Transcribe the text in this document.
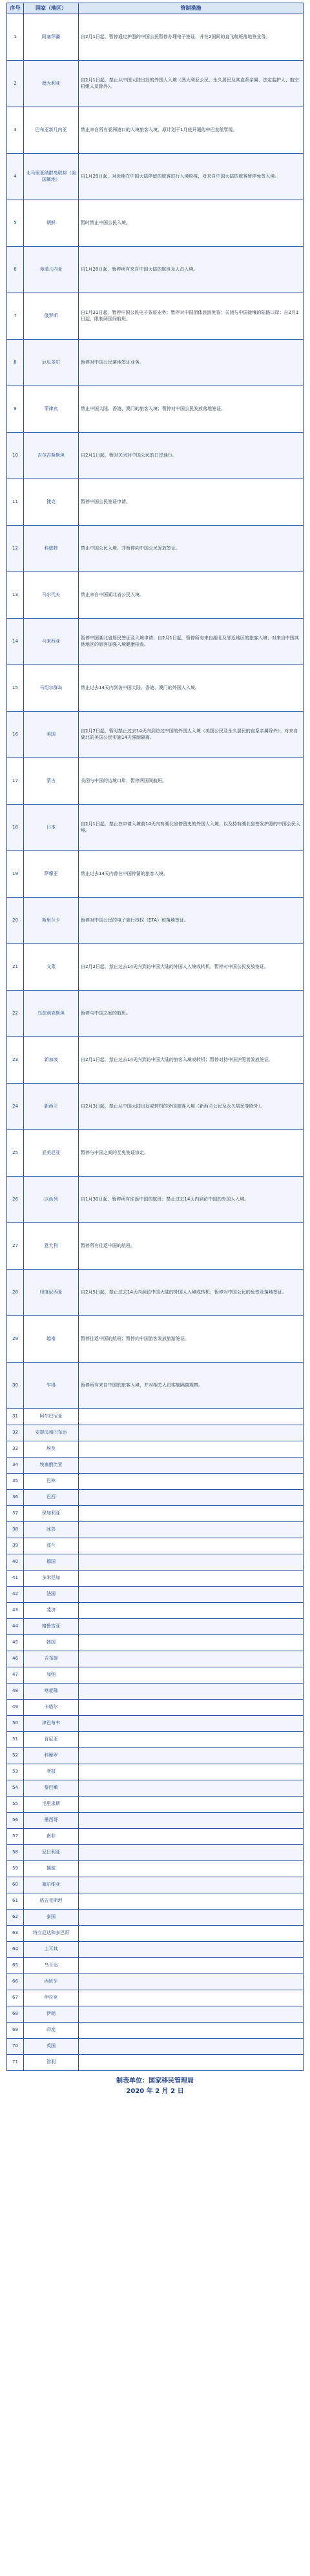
序号	国家（地区）	管制措施
1	阿塞拜疆	自2月1日起，暂停通过护照的中国公民暂停办理电子签证，并在2国间的直飞航班落地签业务。
2	澳大利亚	自2月1日起，禁止从中国大陆出发的外国人入境（澳大利亚公民、永久居民及其直系亲属、法定监护人、航空机组人员除外）。
3	巴布亚新几内亚	禁止来自所有亚洲港口的入境旅客入境，原计划于1月底开通的中巴直航暂缓。
4	北马里亚纳群岛联邦（美国属地）	自1月29日起，对近期在中国大陆停留的旅客进行入境检疫，对来自中国大陆的旅客暂停免签入境。
5	朝鲜	暂时禁止中国公民入境。
6	赤道几内亚	自1月28日起，暂停所有来自中国大陆的航班及人员入境。
7	俄罗斯	自1月31日起，暂停中国公民电子签证业务；暂停对中国团体旅游免签；关闭与中国接壤的陆路口岸；自2月1日起，限制两国间航班。
8	厄瓜多尔	暂停对中国公民落地签证业务。
9	菲律宾	禁止中国大陆、香港、澳门的旅客入境；暂停对中国公民发放落地签证。
10	吉尔吉斯斯坦	自2月1日起，暂时关闭对中国公民的口岸通行。
11	捷克	暂停中国公民签证申请。
12	科威特	禁止中国公民入境，并暂停向中国公民发放签证。
13	马尔代夫	禁止来自中国湖北省公民入境。
14	马来西亚	暂停中国湖北省居民签证及入境申请；自2月1日起，暂停所有来自湖北及邻近地区的旅客入境；对来自中国其他地区的旅客加强入境健康检查。
15	马绍尔群岛	禁止过去14天内到访中国大陆、香港、澳门的外国人入境。
16	美国	自2月2日起，暂时禁止过去14天内到访过中国的外国人入境（美国公民及永久居民的直系亲属除外）；对来自湖北的美国公民实施14天强制隔离。
17	蒙古	关闭与中国的边境口岸，暂停两国间航班。
18	日本	自2月1日起，禁止在申请入境前14天内有湖北省停留史的外国人入境，以及持有湖北省签发护照的中国公民入境。
19	萨摩亚	禁止过去14天内曾在中国停留的旅客入境。
20	斯里兰卡	暂停对中国公民的电子旅行授权（ETA）和落地签证。
21	文莱	自2月2日起，禁止过去14天内到访中国大陆的外国人入境或转机，暂停对中国公民发放签证。
22	乌兹别克斯坦	暂停与中国之间的航班。
23	新加坡	自2月1日起，禁止过去14天内到访中国大陆的旅客入境或转机；暂停对持中国护照者发放签证。
24	新西兰	自2月3日起，禁止从中国大陆出发或转机的外国旅客入境（新西兰公民及永久居民等除外）。
25	亚美尼亚	暂停与中国之间的互免签证协定。
26	以色列	自1月30日起，暂停所有往返中国的航班；禁止过去14天内到访中国的外国人入境。
27	意大利	暂停所有往返中国的航班。
28	印度尼西亚	自2月5日起，禁止过去14天内到访中国大陆的外国人入境或转机；暂停对中国公民的免签及落地签证。
29	越南	暂停往返中国的航班；暂停向中国游客发放旅游签证。
30	乍得	暂停所有来自中国的旅客入境，并对相关人员实施隔离观察。
31	阿尔巴尼亚	
32	安提瓜和巴布达	
33	埃及	
34	埃塞俄比亚	
35	巴林	
36	巴西	
37	保加利亚	
38	冰岛	
39	波兰	
40	德国	
41	多米尼加	
42	法国	
43	斐济	
44	格鲁吉亚	
45	韩国	
46	吉布提	
47	加纳	
48	喀麦隆	
49	卡塔尔	
50	津巴布韦	
51	肯尼亚	
52	科摩罗	
53	老挝	
54	黎巴嫩	
55	毛里求斯	
56	墨西哥	
57	南非	
58	尼日利亚	
59	挪威	
60	塞尔维亚	
61	塔吉克斯坦	
62	泰国	
63	特立尼达和多巴哥	
64	土耳其	
65	乌干达	
66	西班牙	
67	伊拉克	
68	伊朗	
69	印度	
70	英国	
71	智利	
制表单位：国家移民管理局
2020 年 2 月 2 日
